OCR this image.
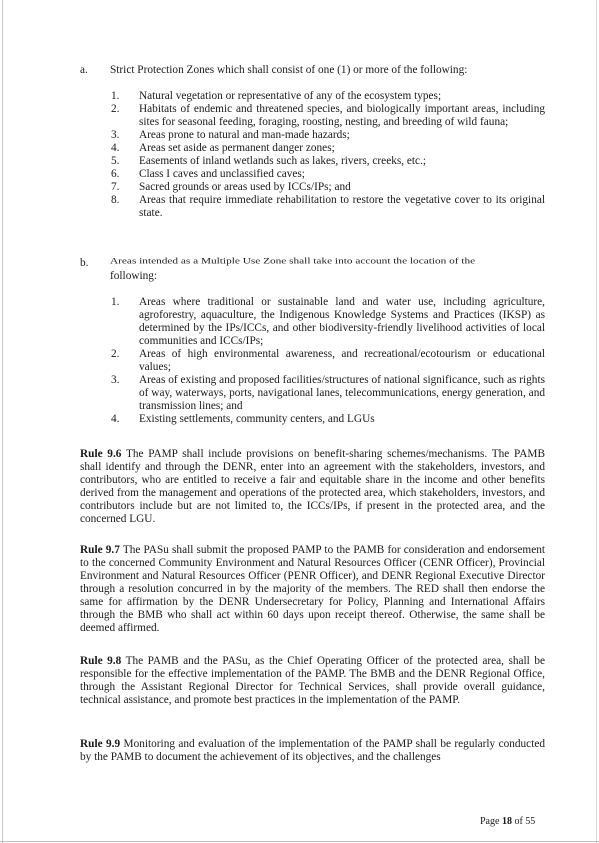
a.	Strict Protection Zones which shall consist of one (1) or more of the following:
1.	Natural vegetation or representative of any of the ecosystem types;
2.	Habitats of endemic and threatened species, and biologically important areas, including sites for seasonal feeding, foraging, roosting, nesting, and breeding of wild fauna;
3.	Areas prone to natural and man-made hazards;
4.	Areas set aside as permanent danger zones;
5.	Easements of inland wetlands such as lakes, rivers, creeks, etc.;
6.	Class I caves and unclassified caves;
7.	Sacred grounds or areas used by ICCs/IPs; and
8.	Areas that require immediate rehabilitation to restore the vegetative cover to its original state.
b.	Areas intended as a Multiple Use Zone shall take into account the location of the
following:
1.	Areas where traditional or sustainable land and water use, including agriculture, agroforestry, aquaculture, the Indigenous Knowledge Systems and Practices (IKSP) as determined by the IPs/ICCs, and other biodiversity-friendly livelihood activities of local communities and ICCs/IPs;
2.	Areas of high environmental awareness, and recreational/ecotourism or educational values;
3.	Areas of existing and proposed facilities/structures of national significance, such as rights of way, waterways, ports, navigational lanes, telecommunications, energy generation, and transmission lines; and
4.	Existing settlements, community centers, and LGUs
Rule 9.6 The PAMP shall include provisions on benefit-sharing schemes/mechanisms. The PAMB shall identify and through the DENR, enter into an agreement with the stakeholders, investors, and contributors, who are entitled to receive a fair and equitable share in the income and other benefits derived from the management and operations of the protected area, which stakeholders, investors, and contributors include but are not limited to, the ICCs/IPs, if present in the protected area, and the concerned LGU.
Rule 9.7 The PASu shall submit the proposed PAMP to the PAMB for consideration and endorsement to the concerned Community Environment and Natural Resources Officer (CENR Officer), Provincial Environment and Natural Resources Officer (PENR Officer), and DENR Regional Executive Director through a resolution concurred in by the majority of the members. The RED shall then endorse the same for affirmation by the DENR Undersecretary for Policy, Planning and International Affairs through the BMB who shall act within 60 days upon receipt thereof. Otherwise, the same shall be deemed affirmed.
Rule 9.8 The PAMB and the PASu, as the Chief Operating Officer of the protected area, shall be responsible for the effective implementation of the PAMP. The BMB and the DENR Regional Office, through the Assistant Regional Director for Technical Services, shall provide overall guidance, technical assistance, and promote best practices in the implementation of the PAMP.
Rule 9.9 Monitoring and evaluation of the implementation of the PAMP shall be regularly conducted by the PAMB to document the achievement of its objectives, and the challenges
Page 18 of 55
